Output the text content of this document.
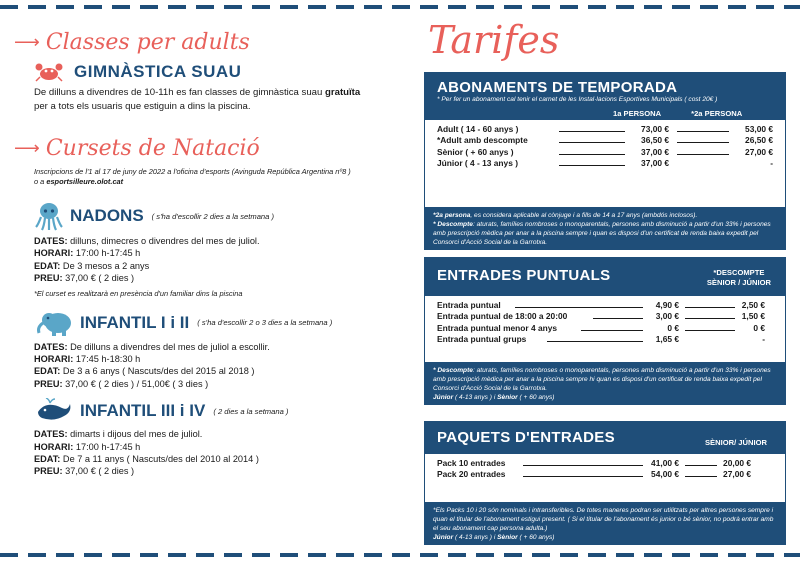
⟶ Classes per adults
GIMNÀSTICA SUAU
De dilluns a divendres de 10-11h es fan classes de gimnàstica suau gratuïta
per a tots els usuaris que estiguin a dins la piscina.
⟶ Cursets de Natació
Inscripcions de l'1 al 17 de juny de 2022 a l'oficina d'esports (Avinguda República Argentina nº8 )
o a esportsilleure.olot.cat
NADONS ( s'ha d'escollir 2 dies a la setmana )
DATES: dilluns, dimecres o divendres del mes de juliol.
HORARI: 17:00 h-17:45 h
EDAT: De 3 mesos a 2 anys
PREU: 37,00 € ( 2 dies )
*El curset es realitzarà en presència d'un familiar dins la piscina
INFANTIL I i II ( s'ha d'escollir 2 o 3 dies a la setmana )
DATES: De dilluns a divendres del mes de juliol a escollir.
HORARI: 17:45 h-18:30 h
EDAT: De 3 a 6 anys ( Nascuts/des del 2015 al 2018 )
PREU: 37,00 € ( 2 dies ) / 51,00€ ( 3 dies )
INFANTIL III i IV ( 2 dies a la setmana )
DATES: dimarts i dijous del mes de juliol.
HORARI: 17:00 h-17:45 h
EDAT: De 7 a 11 anys ( Nascuts/des del 2010 al 2014 )
PREU: 37,00 € ( 2 dies )
Tarifes
ABONAMENTS DE TEMPORADA
* Per fer un abonament cal tenir el carnet de les Instal·lacions Esportives Municipals ( cost 20€ )
1a PERSONA	*2a PERSONA
Adult ( 14 - 60 anys )	73,00 €	53,00 €
*Adult amb descompte	36,50 €	26,50 €
Sènior ( + 60 anys )	37,00 €	27,00 €
Júnior ( 4 - 13 anys )	37,00 €	-
*2a persona, es considera aplicable al cònjuge i a fills de 14 a 17 anys (ambdós inclosos).
* Descompte: aturats, famílies nombroses o monoparentals, persones amb disminució a partir d'un 33% i persones amb prescripció mèdica per anar a la piscina sempre i quan es disposi d'un certificat de renda baixa expedit pel Consorci d'Acció Social de la Garrotxa.
ENTRADES PUNTUALS	*DESCOMPTE
SÈNIOR / JÚNIOR
Entrada puntual	4,90 €	2,50 €
Entrada puntual de 18:00 a 20:00	3,00 €	1,50 €
Entrada puntual menor 4 anys	0 €	0 €
Entrada puntual grups	1,65 €	-
* Descompte: aturats, famílies nombroses o monoparentals, persones amb disminució a partir d'un 33% i persones amb prescripció mèdica per anar a la piscina sempre hi quan es disposi d'un certificat de renda baixa expedit pel Consorci d'Acció Social de la Garrotxa.
Júnior ( 4-13 anys ) i Sènior ( + 60 anys)
PAQUETS D'ENTRADES	SÈNIOR/ JÚNIOR
Pack 10 entrades	41,00 €	20,00 €
Pack 20 entrades	54,00 €	27,00 €
*Els Packs 10 i 20 són nominals i intransferibles. De totes maneres podran ser utilitzats per altres persones sempre i quan el titular de l'abonament estigui present. ( Si el titular de l'abonament és junior o bé sènior, no podrà entrar amb el seu abonament cap persona adulta.)
Júnior ( 4-13 anys ) i Sènior ( + 60 anys)
